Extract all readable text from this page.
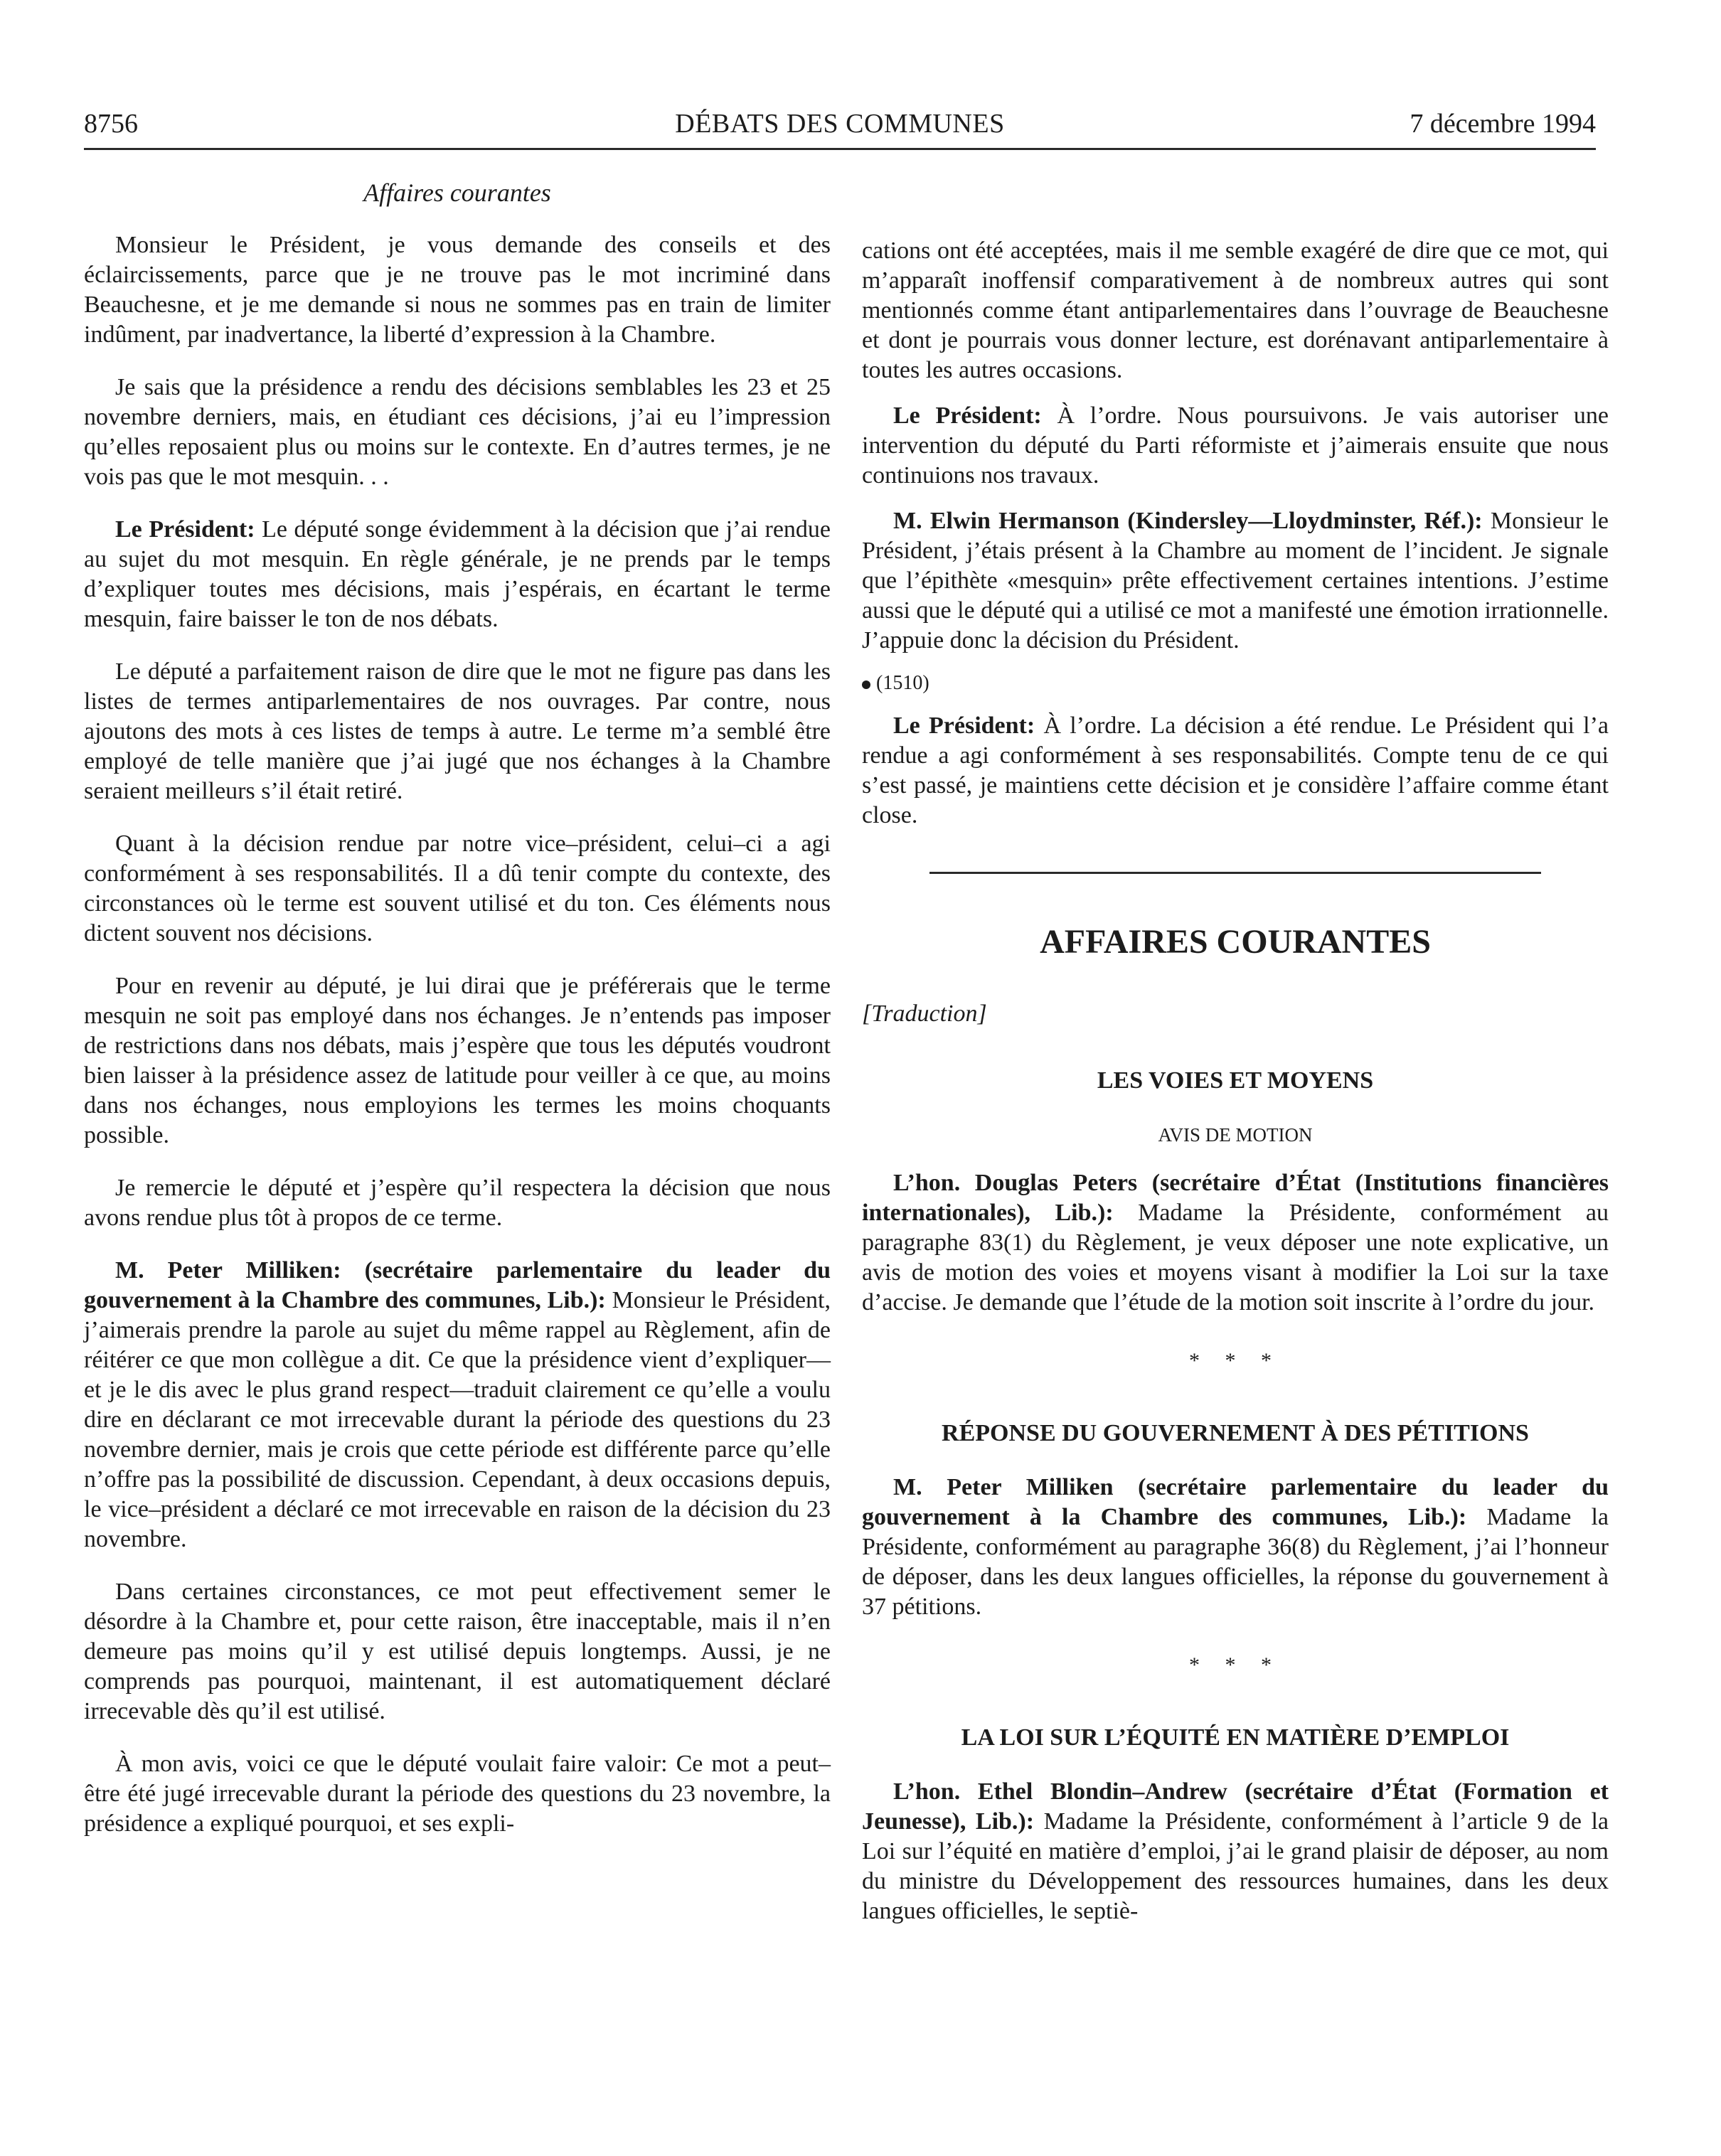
8756	DÉBATS DES COMMUNES	7 décembre 1994
Affaires courantes

Monsieur le Président, je vous demande des conseils et des éclaircissements, parce que je ne trouve pas le mot incriminé dans Beauchesne, et je me demande si nous ne sommes pas en train de limiter indûment, par inadvertance, la liberté d’expression à la Chambre.

Je sais que la présidence a rendu des décisions semblables les 23 et 25 novembre derniers, mais, en étudiant ces décisions, j’ai eu l’impression qu’elles reposaient plus ou moins sur le contexte. En d’autres termes, je ne vois pas que le mot mesquin. . .

Le Président: Le député songe évidemment à la décision que j’ai rendue au sujet du mot mesquin. En règle générale, je ne prends par le temps d’expliquer toutes mes décisions, mais j’espérais, en écartant le terme mesquin, faire baisser le ton de nos débats.

Le député a parfaitement raison de dire que le mot ne figure pas dans les listes de termes antiparlementaires de nos ouvrages. Par contre, nous ajoutons des mots à ces listes de temps à autre. Le terme m’a semblé être employé de telle manière que j’ai jugé que nos échanges à la Chambre seraient meilleurs s’il était retiré.

Quant à la décision rendue par notre vice–président, celui–ci a agi conformément à ses responsabilités. Il a dû tenir compte du contexte, des circonstances où le terme est souvent utilisé et du ton. Ces éléments nous dictent souvent nos décisions.

Pour en revenir au député, je lui dirai que je préférerais que le terme mesquin ne soit pas employé dans nos échanges. Je n’entends pas imposer de restrictions dans nos débats, mais j’espère que tous les députés voudront bien laisser à la présidence assez de latitude pour veiller à ce que, au moins dans nos échanges, nous employions les termes les moins choquants possible.

Je remercie le député et j’espère qu’il respectera la décision que nous avons rendue plus tôt à propos de ce terme.

M. Peter Milliken: (secrétaire parlementaire du leader du gouvernement à la Chambre des communes, Lib.): Monsieur le Président, j’aimerais prendre la parole au sujet du même rappel au Règlement, afin de réitérer ce que mon collègue a dit. Ce que la présidence vient d’expliquer— et je le dis avec le plus grand respect—traduit clairement ce qu’elle a voulu dire en déclarant ce mot irrecevable durant la période des questions du 23 novembre dernier, mais je crois que cette période est différente parce qu’elle n’offre pas la possibilité de discussion. Cependant, à deux occasions depuis, le vice–président a déclaré ce mot irrecevable en raison de la décision du 23 novembre.

Dans certaines circonstances, ce mot peut effectivement semer le désordre à la Chambre et, pour cette raison, être inacceptable, mais il n’en demeure pas moins qu’il y est utilisé depuis longtemps. Aussi, je ne comprends pas pourquoi, maintenant, il est automatiquement déclaré irrecevable dès qu’il est utilisé.

À mon avis, voici ce que le député voulait faire valoir: Ce mot a peut–être été jugé irrecevable durant la période des questions du 23 novembre, la présidence a expliqué pourquoi, et ses expli-

cations ont été acceptées, mais il me semble exagéré de dire que ce mot, qui m’apparaît inoffensif comparativement à de nombreux autres qui sont mentionnés comme étant antiparlementaires dans l’ouvrage de Beauchesne et dont je pourrais vous donner lecture, est dorénavant antiparlementaire à toutes les autres occasions.

Le Président: À l’ordre. Nous poursuivons. Je vais autoriser une intervention du député du Parti réformiste et j’aimerais ensuite que nous continuions nos travaux.

M. Elwin Hermanson (Kindersley—Lloydminster, Réf.): Monsieur le Président, j’étais présent à la Chambre au moment de l’incident. Je signale que l’épithète «mesquin» prête effectivement certaines intentions. J’estime aussi que le député qui a utilisé ce mot a manifesté une émotion irrationnelle. J’appuie donc la décision du Président.

(1510)

Le Président: À l’ordre. La décision a été rendue. Le Président qui l’a rendue a agi conformément à ses responsabilités. Compte tenu de ce qui s’est passé, je maintiens cette décision et je considère l’affaire comme étant close.

AFFAIRES COURANTES
[Traduction]
LES VOIES ET MOYENS
AVIS DE MOTION

L’hon. Douglas Peters (secrétaire d’État (Institutions financières internationales), Lib.): Madame la Présidente, conformément au paragraphe 83(1) du Règlement, je veux déposer une note explicative, un avis de motion des voies et moyens visant à modifier la Loi sur la taxe d’accise. Je demande que l’étude de la motion soit inscrite à l’ordre du jour.

* * *
RÉPONSE DU GOUVERNEMENT À DES PÉTITIONS

M. Peter Milliken (secrétaire parlementaire du leader du gouvernement à la Chambre des communes, Lib.): Madame la Présidente, conformément au paragraphe 36(8) du Règlement, j’ai l’honneur de déposer, dans les deux langues officielles, la réponse du gouvernement à 37 pétitions.

* * *
LA LOI SUR L’ÉQUITÉ EN MATIÈRE D’EMPLOI

L’hon. Ethel Blondin–Andrew (secrétaire d’État (Formation et Jeunesse), Lib.): Madame la Présidente, conformément à l’article 9 de la Loi sur l’équité en matière d’emploi, j’ai le grand plaisir de déposer, au nom du ministre du Développement des ressources humaines, dans les deux langues officielles, le septiè-
